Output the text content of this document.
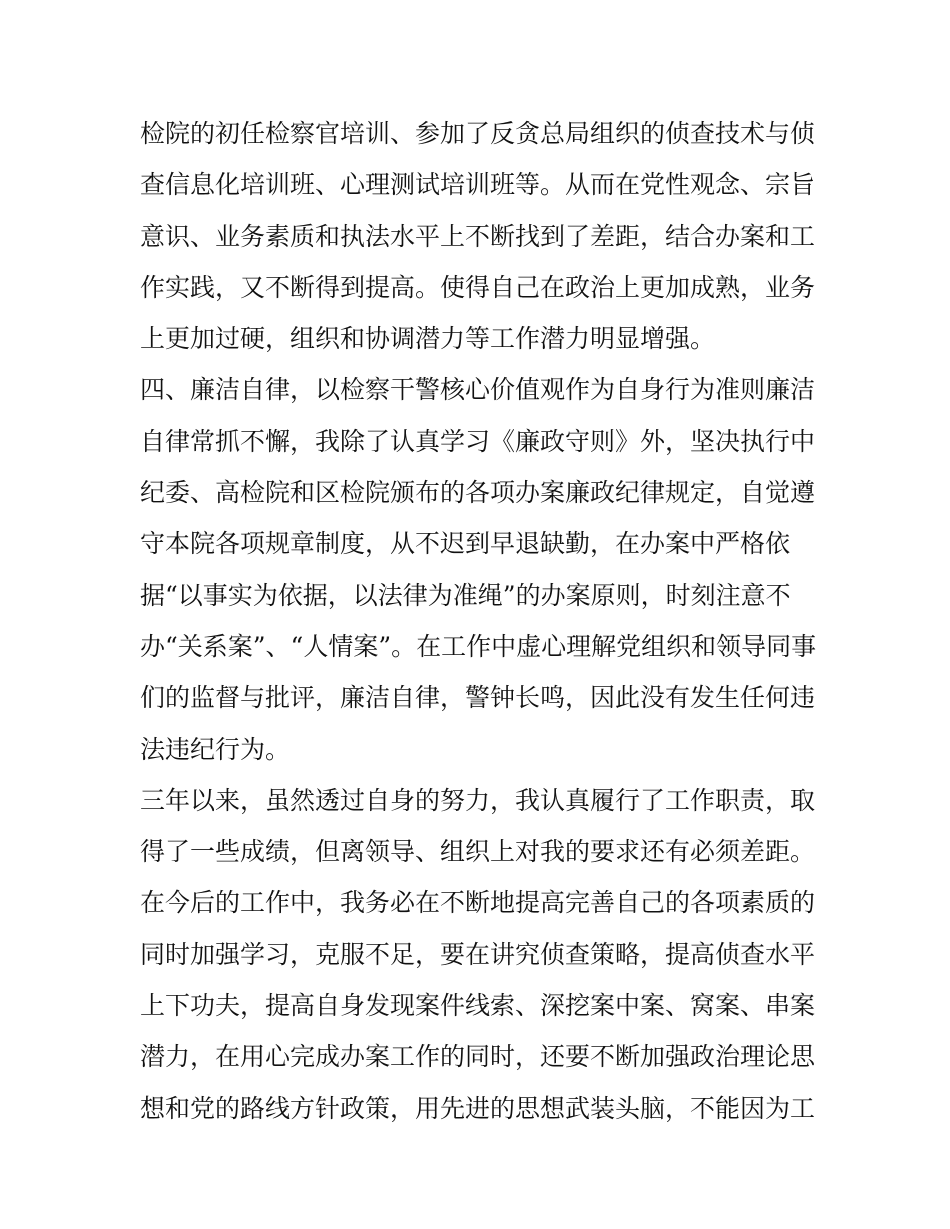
检院的初任检察官培训、参加了反贪总局组织的侦查技术与侦
查信息化培训班、心理测试培训班等。从而在党性观念、宗旨
意识、业务素质和执法水平上不断找到了差距，结合办案和工
作实践，又不断得到提高。使得自己在政治上更加成熟，业务
上更加过硬，组织和协调潜力等工作潜力明显增强。
四、廉洁自律，以检察干警核心价值观作为自身行为准则廉洁
自律常抓不懈，我除了认真学习《廉政守则》外，坚决执行中
纪委、高检院和区检院颁布的各项办案廉政纪律规定，自觉遵
守本院各项规章制度，从不迟到早退缺勤，在办案中严格依
据“以事实为依据，以法律为准绳”的办案原则，时刻注意不
办“关系案”、“人情案”。在工作中虚心理解党组织和领导同事
们的监督与批评，廉洁自律，警钟长鸣，因此没有发生任何违
法违纪行为。
三年以来，虽然透过自身的努力，我认真履行了工作职责，取
得了一些成绩，但离领导、组织上对我的要求还有必须差距。
在今后的工作中，我务必在不断地提高完善自己的各项素质的
同时加强学习，克服不足，要在讲究侦查策略，提高侦查水平
上下功夫，提高自身发现案件线索、深挖案中案、窝案、串案
潜力，在用心完成办案工作的同时，还要不断加强政治理论思
想和党的路线方针政策，用先进的思想武装头脑，不能因为工
